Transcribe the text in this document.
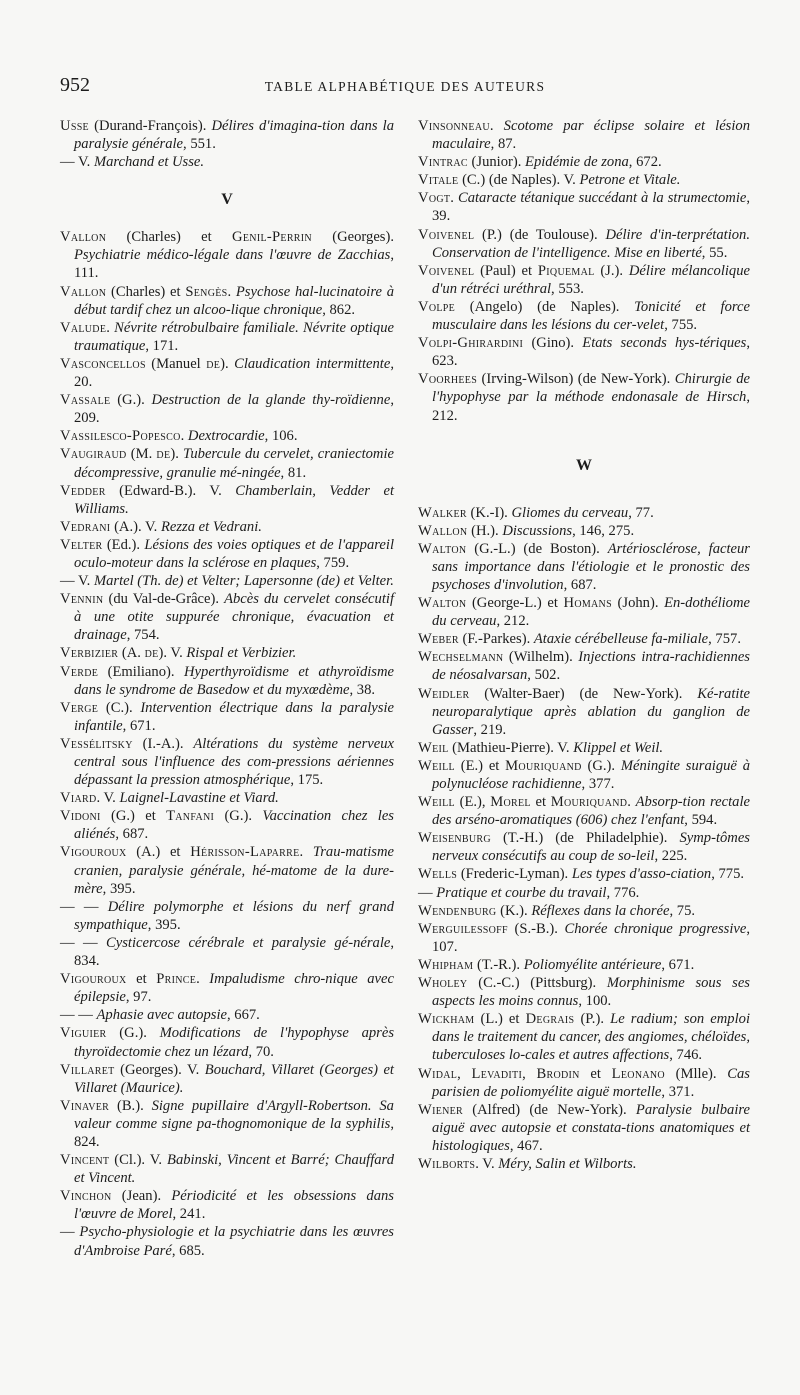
952	TABLE ALPHABÉTIQUE DES AUTEURS

Usse (Durand-François). Délires d'imagina-tion dans la paralysie générale, 551.

— V. Marchand et Usse.

V

Vallon (Charles) et Genil-Perrin (Georges). Psychiatrie médico-légale dans l'œuvre de Zacchias, 111.

Vallon (Charles) et Sengès. Psychose hal-lucinatoire à début tardif chez un alcoo-lique chronique, 862.

Valude. Névrite rétrobulbaire familiale. Névrite optique traumatique, 171.

Vasconcellos (Manuel de). Claudication intermittente, 20.

Vassale (G.). Destruction de la glande thy-roïdienne, 209.

Vassilesco-Popesco. Dextrocardie, 106.

Vaugiraud (M. de). Tubercule du cervelet, craniectomie décompressive, granulie mé-ningée, 81.

Vedder (Edward-B.). V. Chamberlain, Vedder et Williams.

Vedrani (A.). V. Rezza et Vedrani.

Velter (Ed.). Lésions des voies optiques et de l'appareil oculo-moteur dans la sclérose en plaques, 759.

— V. Martel (Th. de) et Velter; Lapersonne (de) et Velter.

Vennin (du Val-de-Grâce). Abcès du cervelet consécutif à une otite suppurée chronique, évacuation et drainage, 754.

Verbizier (A. de). V. Rispal et Verbizier.

Verde (Emiliano). Hyperthyroïdisme et athyroïdisme dans le syndrome de Basedow et du myxœdème, 38.

Verge (C.). Intervention électrique dans la paralysie infantile, 671.

Vessélitsky (I.-A.). Altérations du système nerveux central sous l'influence des com-pressions aériennes dépassant la pression atmosphérique, 175.

Viard. V. Laignel-Lavastine et Viard.

Vidoni (G.) et Tanfani (G.). Vaccination chez les aliénés, 687.

Vigouroux (A.) et Hérisson-Laparre. Trau-matisme cranien, paralysie générale, hé-matome de la dure-mère, 395.

— — Délire polymorphe et lésions du nerf grand sympathique, 395.

— — Cysticercose cérébrale et paralysie gé-nérale, 834.

Vigouroux et Prince. Impaludisme chro-nique avec épilepsie, 97.

— — Aphasie avec autopsie, 667.

Viguier (G.). Modifications de l'hypophyse après thyroïdectomie chez un lézard, 70.

Villaret (Georges). V. Bouchard, Villaret (Georges) et Villaret (Maurice).

Vinaver (B.). Signe pupillaire d'Argyll-Robertson. Sa valeur comme signe pa-thognomonique de la syphilis, 824.

Vincent (Cl.). V. Babinski, Vincent et Barré; Chauffard et Vincent.

Vinchon (Jean). Périodicité et les obsessions dans l'œuvre de Morel, 241.

— Psycho-physiologie et la psychiatrie dans les œuvres d'Ambroise Paré, 685.

Vinsonneau. Scotome par éclipse solaire et lésion maculaire, 87.

Vintrac (Junior). Epidémie de zona, 672.

Vitale (C.) (de Naples). V. Petrone et Vitale.

Vogt. Cataracte tétanique succédant à la strumectomie, 39.

Voivenel (P.) (de Toulouse). Délire d'in-terprétation. Conservation de l'intelligence. Mise en liberté, 55.

Voivenel (Paul) et Piquemal (J.). Délire mélancolique d'un rétréci uréthral, 553.

Volpe (Angelo) (de Naples). Tonicité et force musculaire dans les lésions du cer-velet, 755.

Volpi-Ghirardini (Gino). Etats seconds hys-tériques, 623.

Voorhees (Irving-Wilson) (de New-York). Chirurgie de l'hypophyse par la méthode endonasale de Hirsch, 212.

W

Walker (K.-I). Gliomes du cerveau, 77.

Wallon (H.). Discussions, 146, 275.

Walton (G.-L.) (de Boston). Artériosclérose, facteur sans importance dans l'étiologie et le pronostic des psychoses d'involution, 687.

Walton (George-L.) et Homans (John). En-dothéliome du cerveau, 212.

Weber (F.-Parkes). Ataxie cérébelleuse fa-miliale, 757.

Wechselmann (Wilhelm). Injections intra-rachidiennes de néosalvarsan, 502.

Weidler (Walter-Baer) (de New-York). Ké-ratite neuroparalytique après ablation du ganglion de Gasser, 219.

Weil (Mathieu-Pierre). V. Klippel et Weil.

Weill (E.) et Mouriquand (G.). Méningite suraiguë à polynucléose rachidienne, 377.

Weill (E.), Morel et Mouriquand. Absorp-tion rectale des arséno-aromatiques (606) chez l'enfant, 594.

Weisenburg (T.-H.) (de Philadelphie). Symp-tômes nerveux consécutifs au coup de so-leil, 225.

Wells (Frederic-Lyman). Les types d'asso-ciation, 775.

— Pratique et courbe du travail, 776.

Wendenburg (K.). Réflexes dans la chorée, 75.

Werguilessoff (S.-B.). Chorée chronique progressive, 107.

Whipham (T.-R.). Poliomyélite antérieure, 671.

Wholey (C.-C.) (Pittsburg). Morphinisme sous ses aspects les moins connus, 100.

Wickham (L.) et Degrais (P.). Le radium; son emploi dans le traitement du cancer, des angiomes, chéloïdes, tuberculoses lo-cales et autres affections, 746.

Widal, Levaditi, Brodin et Leonano (Mlle). Cas parisien de poliomyélite aiguë mortelle, 371.

Wiener (Alfred) (de New-York). Paralysie bulbaire aiguë avec autopsie et constata-tions anatomiques et histologiques, 467.

Wilborts. V. Méry, Salin et Wilborts.
